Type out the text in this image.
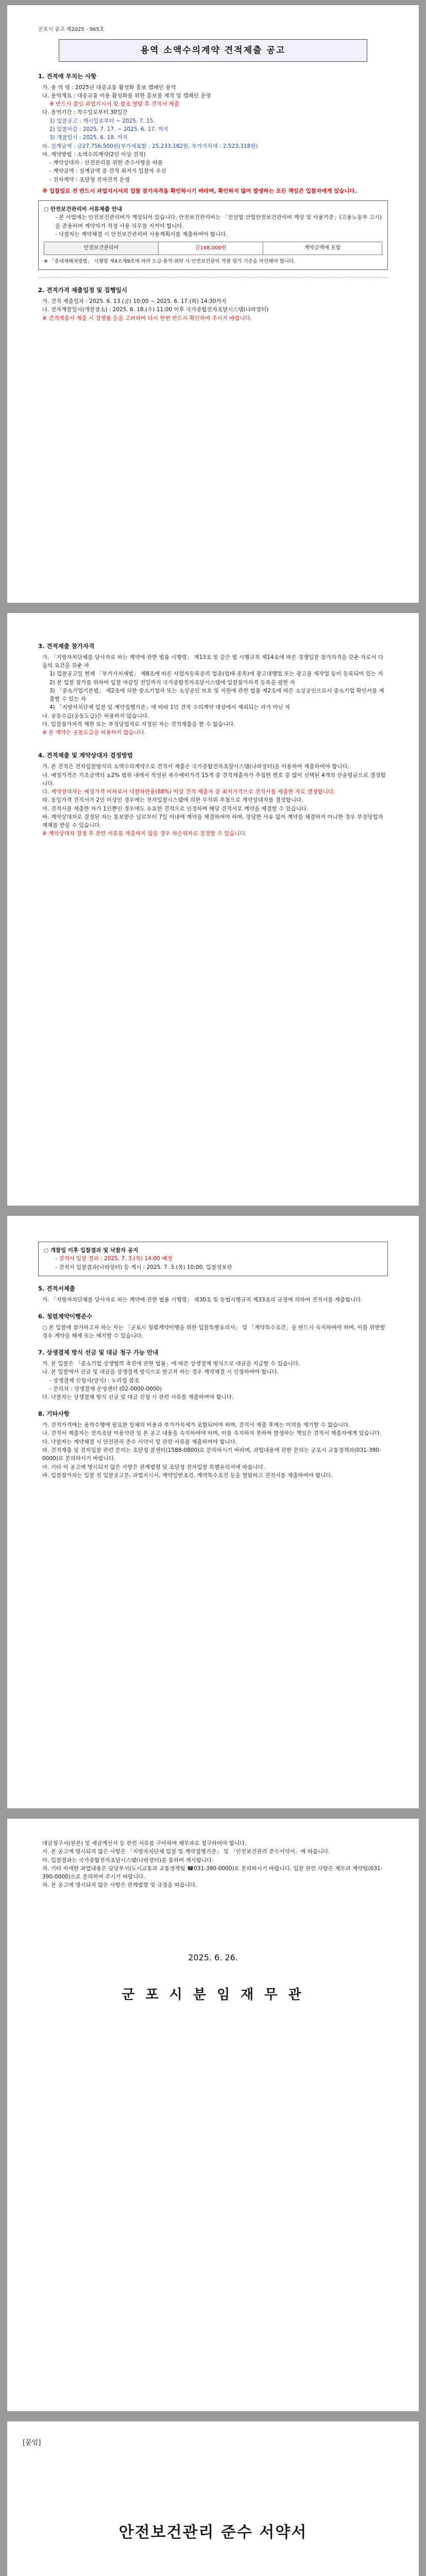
군포시 공고 제2025 - 965호
용역 소액수의계약 견적제출 공고
1. 견적에 부치는 사항
가. 용 역 명 : 2025년 대중교통 활성화 홍보 캠페인 용역
나. 용역개요 : 대중교통 이용 활성화를 위한 홍보물 제작 및 캠페인 운영
※ 반드시 붙임 과업지시서 및 참조 열람 후 견적서 제출
다. 용역기간 : 착수일로부터 30일간
1) 입찰공고 : 게시일로부터 ~ 2025. 7. 15.
2) 입찰마감 : 2025. 7. 17. ~ 2025. 6. 17. 까지
3) 개찰일시 : 2025. 6. 18. 까지
라. 설계금액 : 금27,756,500원(부가세포함 : 25,233,182원, 부가가치세 : 2,523,318원)
마. 계약방법 : 소액수의계약(2인 이상 견적)
- 계약상대자 : 안전관리를 위한 준수사항을 따름
- 계약금액 : 설계금액 중 견적 최저가 입찰자 우선
- 전자계약 : 조달청 전자견적 운영
※ 입찰일로 전 반드시 과업지시서의 입찰 참가자격을 확인하시기 바라며, 확인하지 않아 발생하는 모든 책임은 입찰자에게 있습니다.
○ 안전보건관리비 서류제출 안내
- 본 사업에는 안전보건관리비가 계상되어 있습니다. 안전보건관리비는 「건설업 산업안전보건관리비 계상 및 사용기준」(고용노동부 고시)을 준용하여 계약자가 적정 사용 의무를 지켜야 합니다.
- 낙찰자는 계약체결 시 안전보건관리비 사용계획서를 제출하여야 합니다.
안전보건관리비	금168,000원	계약금액에 포함
※ 「중대재해처벌법」 시행령 제4조제9호에 따라 도급·용역·위탁 시 안전보건관리 역량 평가 기준을 마련해야 합니다.
2. 견적가격 제출일정 및 집행일시
가. 견적 제출일자 : 2025. 6. 13.(금) 10:00 ~ 2025. 6. 17.(화) 14:30까지
나. 전자개찰일시(개찰장소) : 2025. 6. 18.(수) 11:00 이후 국가종합전자조달시스템(나라장터)
※ 견적제출서 제출 시 경쟁률 등을 고려하여 다시 한번 반드시 확인하여 주시기 바랍니다.
3. 견적제출 참가자격
가. 「지방자치단체를 당사자로 하는 계약에 관한 법률 시행령」 제13조 및 같은 법 시행규칙 제14조에 따른 경쟁입찰 참가자격을 갖춘 자로서 다음의 요건을 갖춘 자
1) 입찰공고일 현재 「부가가치세법」 제8조에 따른 사업자등록증의 업종(업태·종목)에 광고대행업 또는 광고물 제작업 등이 등록되어 있는 자
2) 본 입찰 참가를 위하여 입찰 마감일 전일까지 국가종합전자조달시스템에 입찰참가자격 등록을 필한 자
3) 「중소기업기본법」 제2조에 의한 중소기업자 또는 소상공인 보호 및 지원에 관한 법률 제2조에 따른 소상공인으로서 중소기업 확인서를 제출할 수 있는 자
4) 「지방자치단체 입찰 및 계약집행기준」에 따라 1인 견적 수의계약 대상에서 제외되는 자가 아닌 자
나. 공동수급(공동도급)은 허용하지 않습니다.
다. 입찰참가자격 제한 또는 부정당업자로 지정된 자는 견적제출을 할 수 없습니다.
※ 본 계약은 공동도급을 허용하지 않습니다.
4. 견적제출 및 계약상대자 결정방법
가. 본 견적은 전자입찰방식의 소액수의계약으로 견적서 제출은 국가종합전자조달시스템(나라장터)을 이용하여 제출하여야 합니다.
나. 예정가격은 기초금액의 ±2% 범위 내에서 작성된 복수예비가격 15개 중 견적제출자가 추첨한 번호 중 많이 선택된 4개의 산술평균으로 결정합니다.
다. 계약상대자는 예정가격 이하로서 낙찰하한율(88%) 이상 견적 제출자 중 최저가격으로 견적서를 제출한 자로 결정합니다.
라. 동일가격 견적서가 2인 이상인 경우에는 전자입찰시스템에 의한 무작위 추첨으로 계약상대자를 결정합니다.
마. 견적서를 제출한 자가 1인뿐인 경우에도 유효한 견적으로 인정하며 해당 견적서로 계약을 체결할 수 있습니다.
바. 계약상대자로 결정된 자는 통보받은 날로부터 7일 이내에 계약을 체결하여야 하며, 정당한 사유 없이 계약을 체결하지 아니한 경우 부정당업자 제재를 받을 수 있습니다.
※ 계약상대자 결정 후 관련 서류를 제출하지 않을 경우 차순위자로 결정할 수 있습니다.
○ 개찰일 이후 입찰결과 및 낙찰자 공지
- 견적서 입찰 결과 : 2025. 7. 3.(목) 14:00 예정
- 견적서 입찰결과(나라장터) 등 게시 : 2025. 7. 3.(목) 10:00, 입찰정보란
5. 견적서제출
가. 「지방자치단체를 당사자로 하는 계약에 관한 법률 시행령」 제30조 및 동법시행규칙 제33조의 규정에 의하여 견적서를 제출합니다.
6. 청렴계약이행준수
○ 본 입찰에 참가하고자 하는 자는 「군포시 청렴계약이행을 위한 입찰특별유의서」 및 「계약특수조건」을 반드시 숙지하여야 하며, 이를 위반할 경우 계약을 해제 또는 해지할 수 있습니다.
7. 상생결제 방식 선금 및 대금 청구 가능 안내
가. 본 입찰은 「중소기업 상생협력 촉진에 관한 법률」에 따른 상생결제 방식으로 대금을 지급할 수 있습니다.
나. 본 입찰에서 선금 및 대금을 상생결제 방식으로 받고자 하는 경우 계약체결 시 신청하여야 합니다.
- 상생결제 신청서(양식) : 누리집 참조
- 문의처 : 상생결제 운영센터 (02-0000-0000)
다. 낙찰자는 상생결제 방식 선금 및 대금 신청 시 관련 서류를 제출하여야 합니다.
8. 기타사항
가. 견적가격에는 용역수행에 필요한 일체의 비용과 부가가치세가 포함되어야 하며, 견적서 제출 후에는 이의를 제기할 수 없습니다.
나. 견적서 제출자는 전자조달 이용약관 및 본 공고 내용을 숙지하여야 하며, 이를 숙지하지 못하여 발생하는 책임은 견적서 제출자에게 있습니다.
다. 낙찰자는 계약체결 시 안전관리 준수 서약서 및 관련 서류를 제출하여야 합니다.
라. 견적제출 및 전자입찰 관련 문의는 조달청 콜센터(1588-0800)로 문의하시기 바라며, 과업내용에 관한 문의는 군포시 교통정책과(031-390-0000)로 문의하시기 바랍니다.
마. 기타 이 공고에 명시되지 않은 사항은 관계법령 및 조달청 전자입찰 특별유의서에 따릅니다.
바. 입찰참가자는 입찰 전 입찰공고문, 과업지시서, 계약일반조건, 계약특수조건 등을 열람하고 견적서를 제출하여야 합니다.
대금청구서(원본) 및 세금계산서 등 관련 서류를 구비하여 재무과로 청구하여야 합니다.
사. 본 공고에 명시되지 않은 사항은 「지방자치단체 입찰 및 계약집행기준」 및 「안전보건관리 준수서약서」에 따릅니다.
아. 입찰결과는 국가종합전자조달시스템(나라장터)을 통하여 게시합니다.
자. 기타 자세한 과업내용은 담당부서(도시교통과 교통정책팀 ☎031-390-0000)로 문의하시기 바랍니다. 입찰 관련 사항은 재무과 계약팀(031-390-0000)으로 문의하여 주시기 바랍니다.
차. 본 공고에 명시되지 않은 사항은 관계법령 및 규정을 따릅니다.
2025. 6. 26.
군 포 시 분 임 재 무 관
[붙임]
안전보건관리 준수 서약서
